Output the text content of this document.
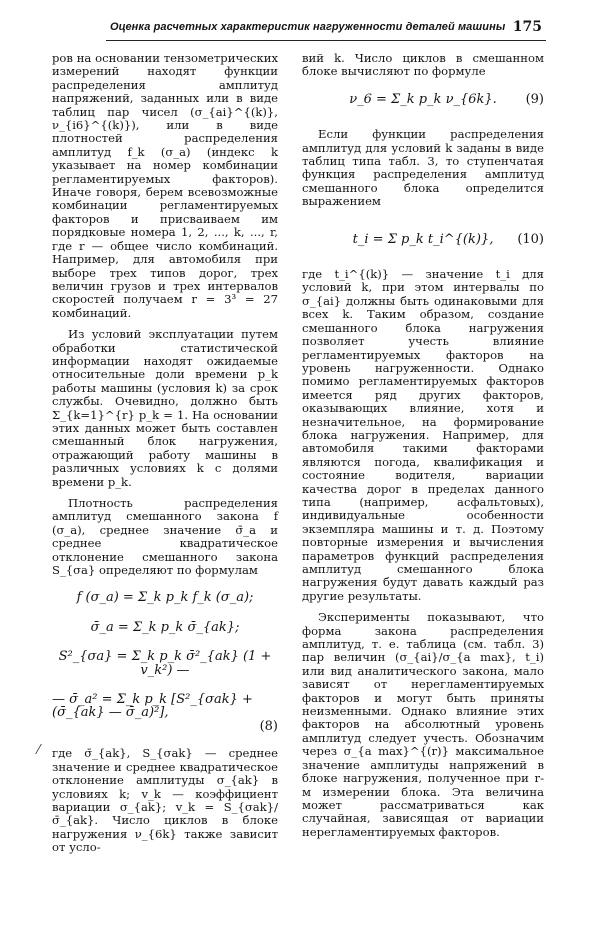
Оценка расчетных характеристик нагруженности деталей машины 175

ров на основании тензометрических измерений находят функции распределения амплитуд напряжений, заданных или в виде таблиц пар чисел (σ_{ai}^{(k)}, ν_{i6}^{(k)}), или в виде плотностей распределения амплитуд f_k (σ_a) (индекс k указывает на номер комбинации регламентируемых факторов). Иначе говоря, берем всевозможные комбинации регламентируемых факторов и присваиваем им порядковые номера 1, 2, ..., k, ..., r, где r — общее число комбинаций. Например, для автомобиля при выборе трех типов дорог, трех величин грузов и трех интервалов скоростей получаем r = 3³ = 27 комбинаций.

Из условий эксплуатации путем обработки статистической информации находят ожидаемые относительные доли времени p_k работы машины (условия k) за срок службы. Очевидно, должно быть Σ_{k=1}^{r} p_k = 1. На основании этих данных может быть составлен смешанный блок нагружения, отражающий работу машины в различных условиях k с долями времени p_k.

Плотность распределения амплитуд смешанного закона f (σ_a), среднее значение σ̄_a и среднее квадратическое отклонение смешанного закона S_{σa} определяют по формулам

f (σ_a) = Σ_k p_k f_k (σ_a);

σ̄_a = Σ_k p_k σ̄_{ak};

S²_{σa} = Σ_k p_k σ̄²_{ak} (1 + v_k²) —

— σ̄_a² = Σ_k p_k [S²_{σak} + (σ̄_{ak} — σ̄_a)²],

(8)

где σ̄_{ak}, S_{σak} — среднее значение и среднее квадратическое отклонение амплитуды σ_{ak} в условиях k; v_k — коэффициент вариации σ_{ak}; v_k = S_{σak}/σ̄_{ak}. Число циклов в блоке нагружения ν_{6k} также зависит от усло-

вий k. Число циклов в смешанном блоке вычисляют по формуле

ν_6 = Σ_k p_k ν_{6k}. (9)

Если функции распределения амплитуд для условий k заданы в виде таблиц типа табл. 3, то ступенчатая функция распределения амплитуд смешанного блока определится выражением

t_i = Σ p_k t_i^{(k)}, (10)

где t_i^{(k)} — значение t_i для условий k, при этом интервалы по σ_{ai} должны быть одинаковыми для всех k. Таким образом, создание смешанного блока нагружения позволяет учесть влияние регламентируемых факторов на уровень нагруженности. Однако помимо регламентируемых факторов имеется ряд других факторов, оказывающих влияние, хотя и незначительное, на формирование блока нагружения. Например, для автомобиля такими факторами являются погода, квалификация и состояние водителя, вариации качества дорог в пределах данного типа (например, асфальтовых), индивидуальные особенности экземпляра машины и т. д. Поэтому повторные измерения и вычисления параметров функций распределения амплитуд смешанного блока нагружения будут давать каждый раз другие результаты.

Эксперименты показывают, что форма закона распределения амплитуд, т. е. таблица (см. табл. 3) пар величин (σ_{ai}/σ_{a max}, t_i) или вид аналитического закона, мало зависят от нерегламентируемых факторов и могут быть приняты неизменными. Однако влияние этих факторов на абсолютный уровень амплитуд следует учесть. Обозначим через σ_{a max}^{(r)} максимальное значение амплитуды напряжений в блоке нагружения, полученное при r-м измерении блока. Эта величина может рассматриваться как случайная, зависящая от вариации нерегламентируемых факторов.
